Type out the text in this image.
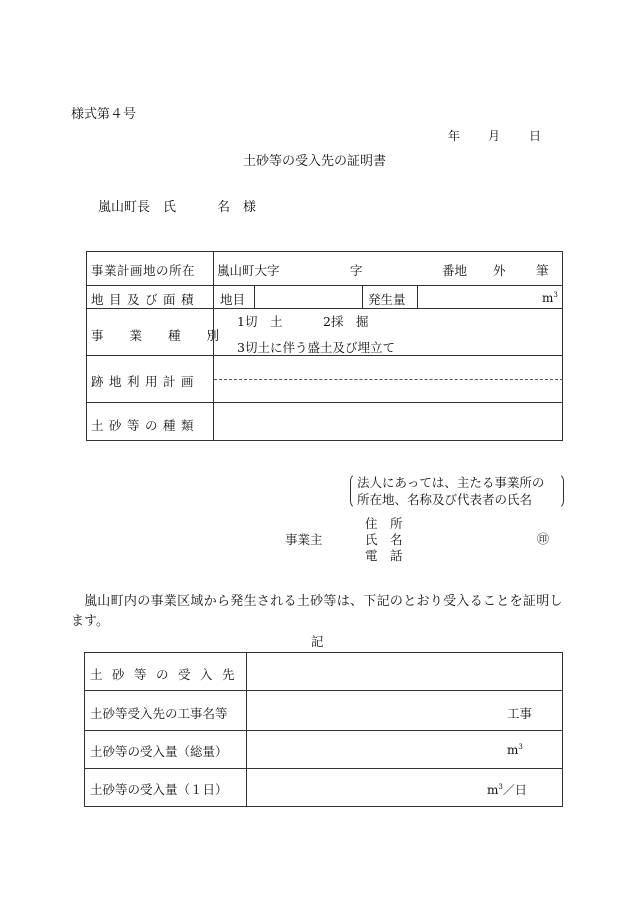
様式第４号
年 月 日
土砂等の受入先の証明書
嵐山町長　氏	名 様
事業計画地の所在 嵐山町大字	字	番地 外 筆
地目及び面積 地目	発生量	$m^3$
事業種別
1切　土	2採　掘
3切土に伴う盛土及び埋立て
跡地利用計画
土砂等の種類
法人にあっては、主たる事業所の
所在地、名称及び代表者の氏名
住　所
事業主	氏　名	㊞
電　話
嵐山町内の事業区域から発生される土砂等は、下記のとおり受入ることを証明し
ます。
記
土砂等の受入先
土砂等受入先の工事名等	工事
土砂等の受入量（総量）	$m^3$
土砂等の受入量（１日）	$m^3/$日
